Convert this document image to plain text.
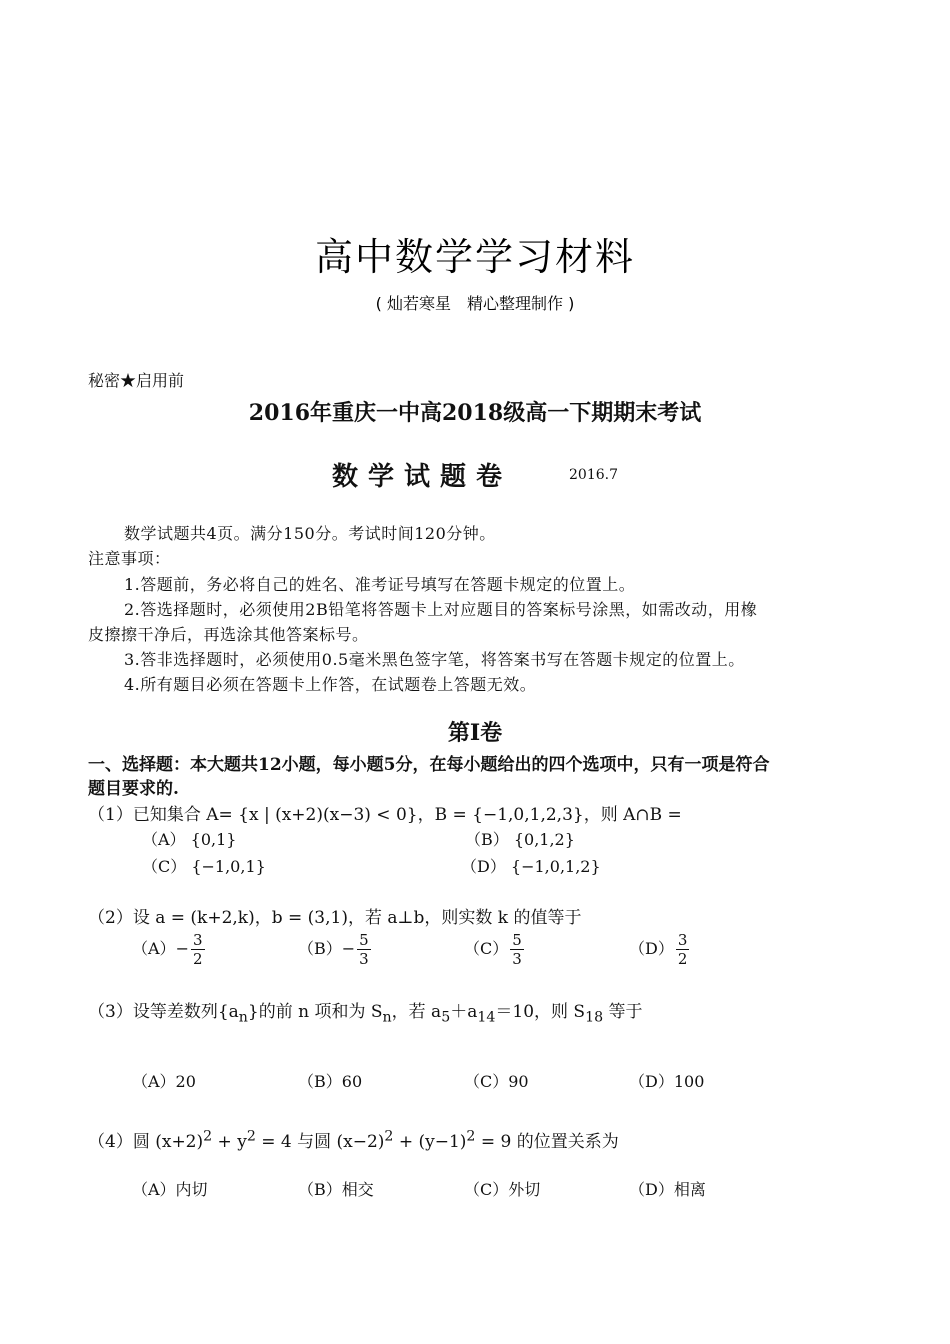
高中数学学习材料
( 灿若寒星　精心整理制作 )
秘密★启用前
2016年重庆一中高2018级高一下期期末考试
数学试题卷	2016.7
数学试题共4页。满分150分。考试时间120分钟。
注意事项：
1.答题前，务必将自己的姓名、准考证号填写在答题卡规定的位置上。
2.答选择题时，必须使用2B铅笔将答题卡上对应题目的答案标号涂黑，如需改动，用橡
皮擦擦干净后，再选涂其他答案标号。
3.答非选择题时，必须使用0.5毫米黑色签字笔，将答案书写在答题卡规定的位置上。
4.所有题目必须在答题卡上作答，在试题卷上答题无效。
第I卷
一、选择题：本大题共12小题，每小题5分，在每小题给出的四个选项中，只有一项是符合
题目要求的.
（1）已知集合 A= {x | (x+2)(x−3) < 0}，B = {−1,0,1,2,3}，则 A∩B =
（A） {0,1}	（B） {0,1,2}
（C） {−1,0,1}	（D） {−1,0,1,2}
（2）设 a = (k+2,k)，b = (3,1)，若 a⊥b，则实数 k 的值等于
$(A)- \frac{3}{2}$	$(B)- \frac{5}{3}$	$(C) \frac{5}{3}$	$(D) \frac{3}{2}$
（3）设等差数列$\{a_n\}$的前 n 项和为 $S_n$，若 $a_5+a_{14}=10$，则 $S_{18}$ 等于
（A）20	（B）60	（C）90	（D）100
（4）圆 $(x+2)^2 + y^2 = 4$ 与圆 $(x-2)^2 + (y-1)^2 = 9$ 的位置关系为
（A）内切	（B）相交	（C）外切	（D）相离
